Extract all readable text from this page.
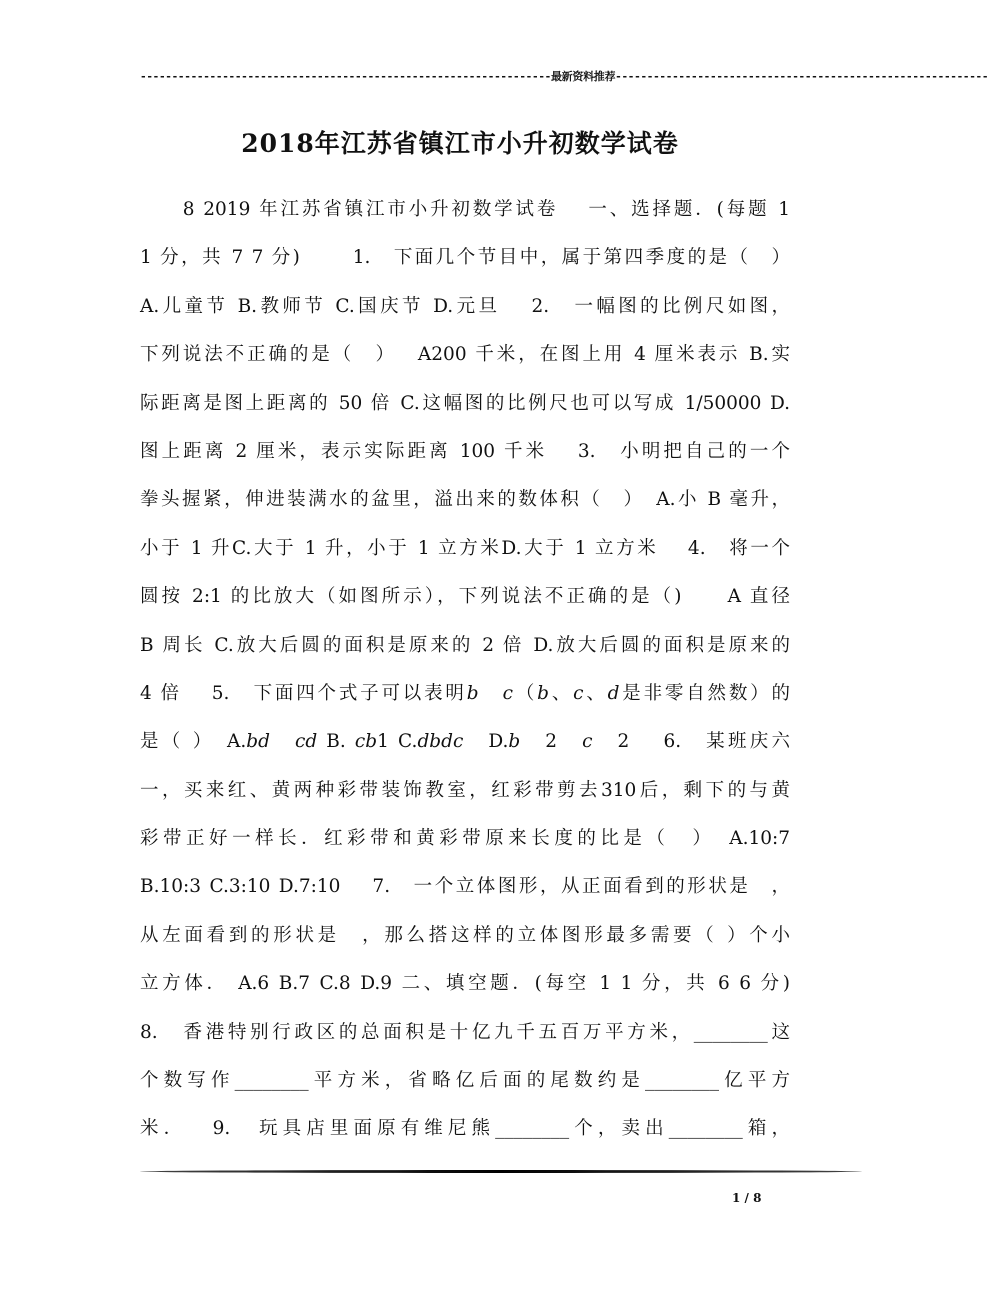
-----------------------------------------------------------------最新资料推荐-----------------------------------------------------------
2018年江苏省镇江市小升初数学试卷
　　8 2019 年江苏省镇江市小升初数学试卷　 一、选择题．(每题 1
1 分，共 7 7 分)　　 1.　下面几个节目中，属于第四季度的是（　）
A.儿童节 B.教师节 C.国庆节 D.元旦　 2.　一幅图的比例尺如图，
下列说法不正确的是（　）　 A200 千米，在图上用 4 厘米表示 B.实
际距离是图上距离的 50 倍 C.这幅图的比例尺也可以写成 1/50000 D.
图上距离 2 厘米，表示实际距离 100 千米　 3.　小明把自己的一个
拳头握紧，伸进装满水的盆里，溢出来的数体积（　）　A.小 B 毫升，
小于 1 升C.大于 1 升，小于 1 立方米D.大于 1 立方米　 4.　将一个
圆按 2:1 的比放大（如图所示），下列说法不正确的是（)　　A 直径
B 周长 C.放大后圆的面积是原来的 2 倍 D.放大后圆的面积是原来的
4 倍　 5.　下面四个式子可以表明𝑏　𝑐（𝑏、𝑐、𝑑是非零自然数）的
是（ ）　A.𝑏𝑑　𝑐𝑑 B. 𝑐𝑏1 C.𝑑𝑏𝑑𝑐　D.𝑏　2　𝑐　2　 6.　某班庆六
一，买来红、黄两种彩带装饰教室，红彩带剪去310后，剩下的与黄
彩带正好一样长．红彩带和黄彩带原来长度的比是（　）　A.10:7
B.10:3 C.3:10 D.7:10　 7.　一个立体图形，从正面看到的形状是　，
从左面看到的形状是　，那么搭这样的立体图形最多需要（ ）个小
立方体． A.6 B.7 C.8 D.9 二、填空题．(每空 1 1 分，共 6 6 分)
8.　香港特别行政区的总面积是十亿九千五百万平方米，________这
个数写作________平方米，省略亿后面的尾数约是________亿平方
米．　 9.　玩具店里面原有维尼熊________个，卖出________箱，
1 / 8
